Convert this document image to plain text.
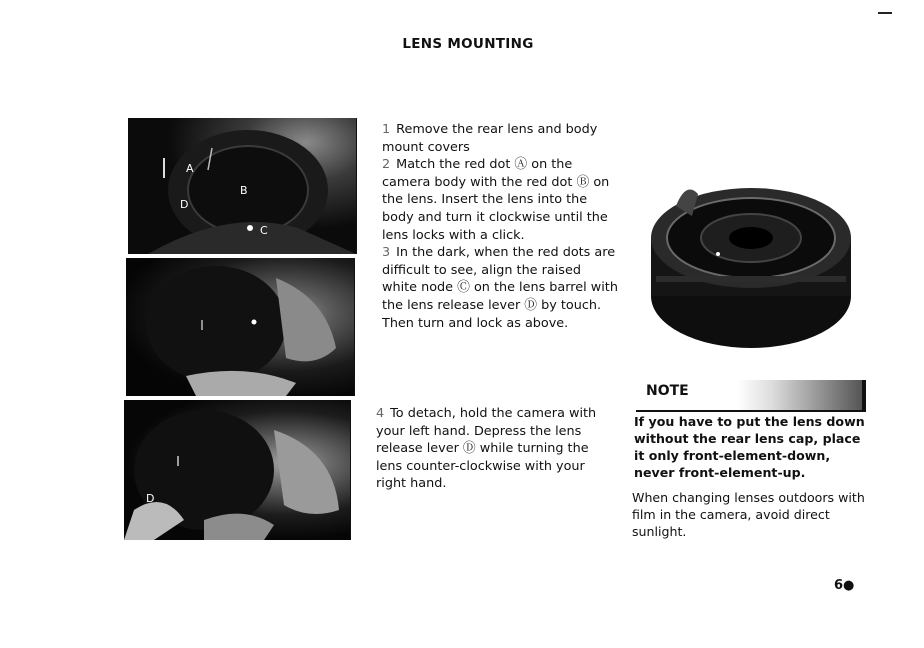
LENS MOUNTING
A
B
C
D
D

1 Remove the rear lens and body mount covers

2 Match the red dot Ⓐ on the camera body with the red dot Ⓑ on the lens. Insert the lens into the body and turn it clockwise until the lens locks with a click.

3 In the dark, when the red dots are difficult to see, align the raised white node Ⓒ on the lens barrel with the lens release lever Ⓓ by touch. Then turn and lock as above.

4 To detach, hold the camera with your left hand. Depress the lens release lever Ⓓ while turning the lens counter-clockwise with your right hand.

NOTE

If you have to put the lens down without the rear lens cap, place it only front-element-down, never front-element-up.

When changing lenses outdoors with film in the camera, avoid direct sunlight.

6●
